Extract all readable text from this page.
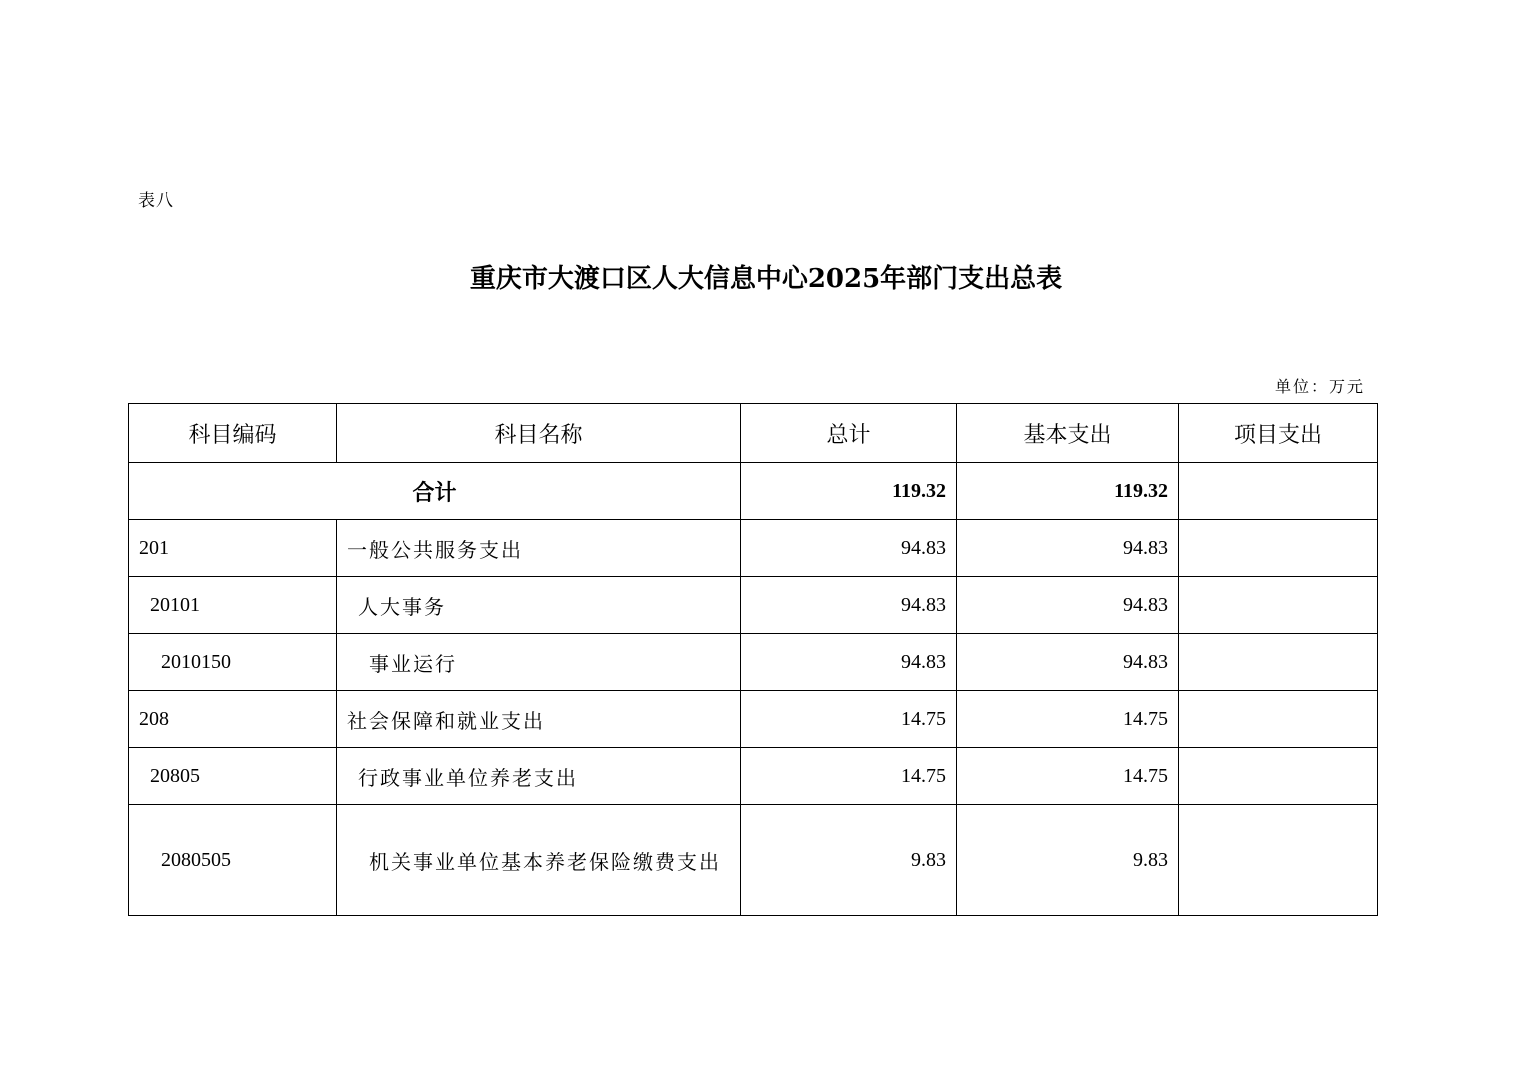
表八
重庆市大渡口区人大信息中心2025年部门支出总表
单位：万元
科目编码	科目名称	总计	基本支出	项目支出
合计		119.32	119.32	
201	一般公共服务支出	94.83	94.83	
20101	人大事务	94.83	94.83	
2010150	事业运行	94.83	94.83	
208	社会保障和就业支出	14.75	14.75	
20805	行政事业单位养老支出	14.75	14.75	
2080505	机关事业单位基本养老保险缴费支出	9.83	9.83	
